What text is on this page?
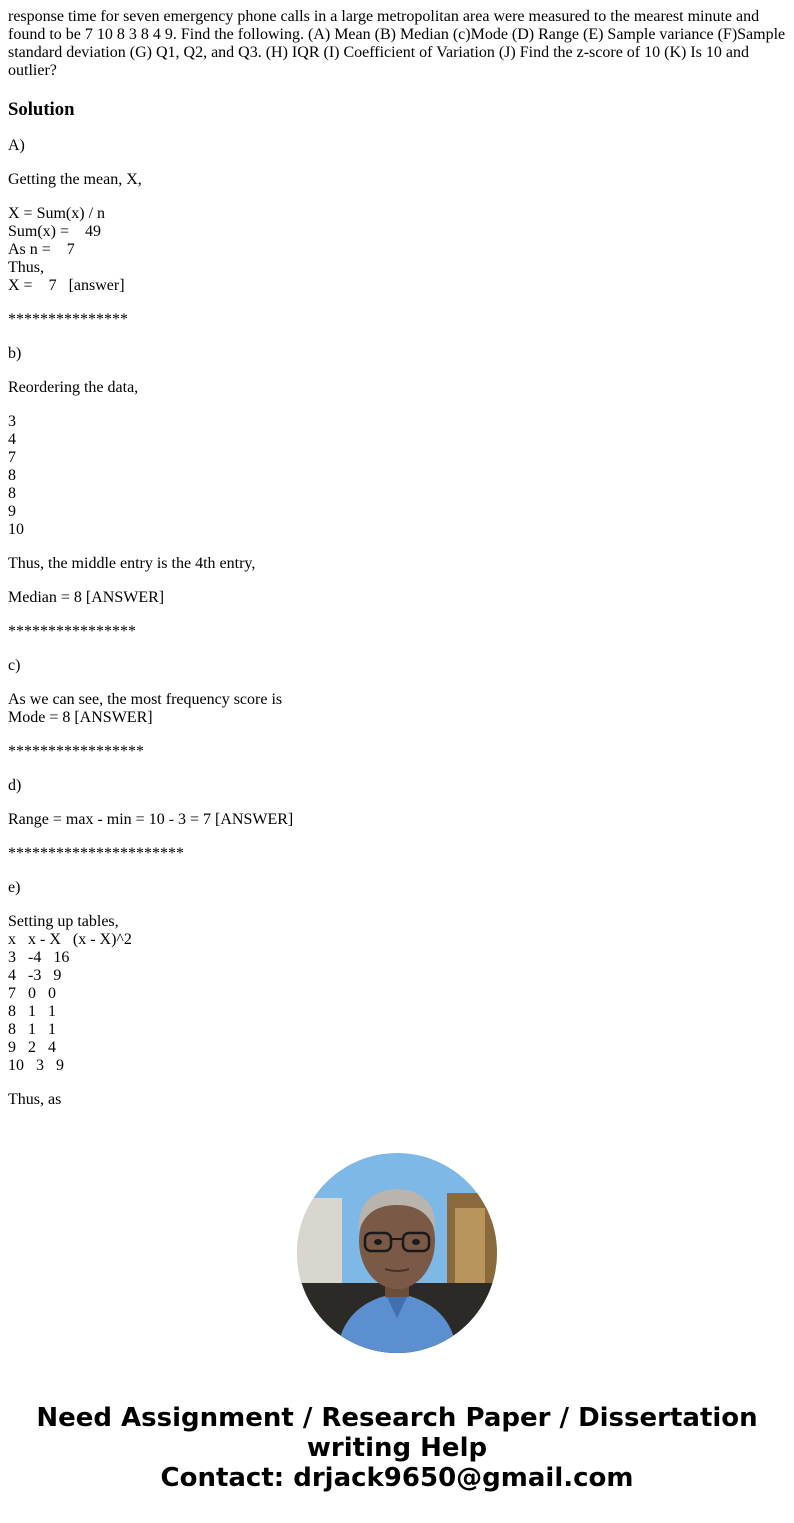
response time for seven emergency phone calls in a large metropolitan area were measured to the mearest minute and found to be 7 10 8 3 8 4 9. Find the following. (A) Mean (B) Median (c)Mode (D) Range (E) Sample variance (F)Sample standard deviation (G) Q1, Q2, and Q3. (H) IQR (I) Coefficient of Variation (J) Find the z-score of 10 (K) Is 10 and outlier?
Solution
A)
Getting the mean, X,
X = Sum(x) / n
Sum(x) =    49
As n =    7
Thus,
X =    7   [answer]
***************
b)
Reordering the data,
3
4
7
8
8
9
10
Thus, the middle entry is the 4th entry,
Median = 8 [ANSWER]
****************
c)
As we can see, the most frequency score is
Mode = 8 [ANSWER]
*****************
d)
Range = max - min = 10 - 3 = 7 [ANSWER]
**********************
e)
Setting up tables,
x   x - X   (x - X)^2
3   -4   16
4   -3   9
7   0   0
8   1   1
8   1   1
9   2   4
10   3   9
Thus, as
Need Assignment / Research Paper / Dissertation
writing Help
Contact: drjack9650@gmail.com
